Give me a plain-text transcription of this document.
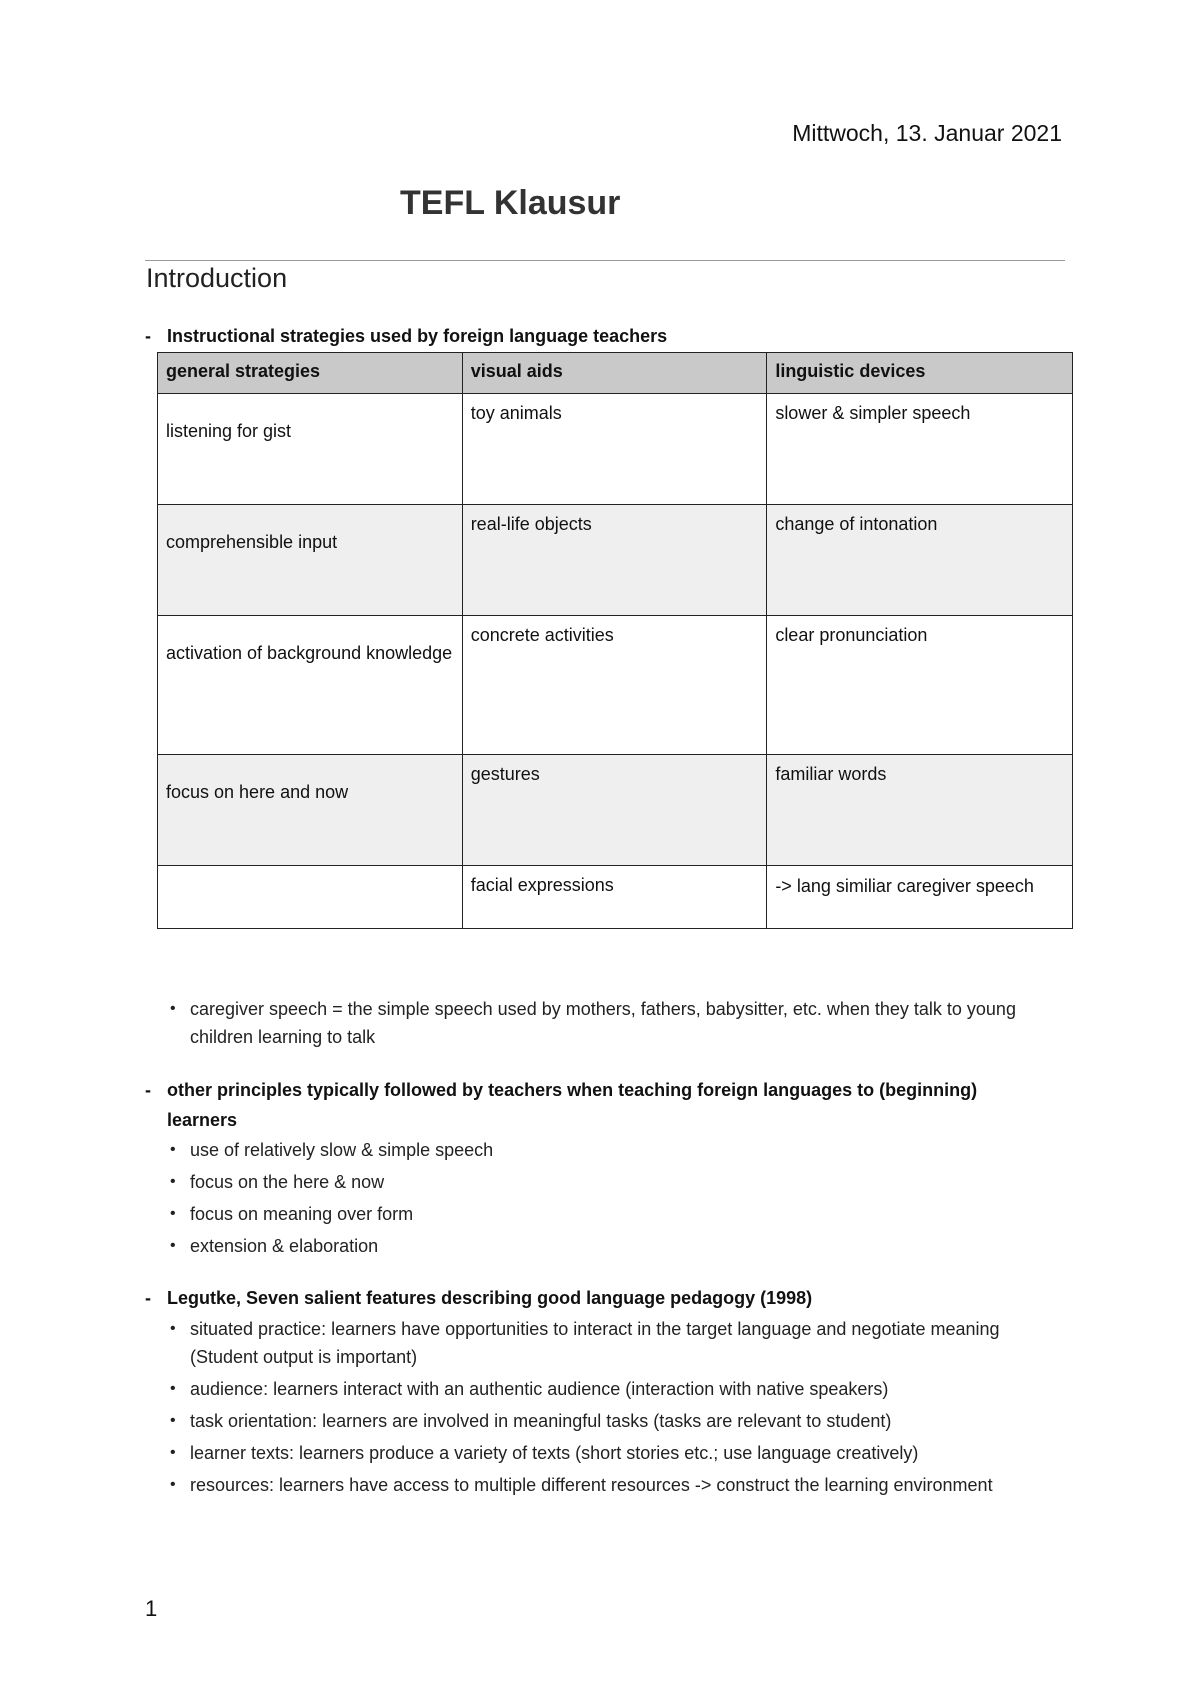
Mittwoch, 13. Januar 2021
TEFL Klausur
Introduction
- Instructional strategies used by foreign language teachers
general strategies	visual aids	linguistic devices
listening for gist	toy animals	slower & simpler speech
comprehensible input	real-life objects	change of intonation
activation of background knowledge	concrete activities	clear pronunciation
focus on here and now	gestures	familiar words
	facial expressions	-> lang similiar caregiver speech
• caregiver speech = the simple speech used by mothers, fathers, babysitter, etc. when they talk to young children learning to talk
- other principles typically followed by teachers when teaching foreign languages to (beginning) learners
• use of relatively slow & simple speech
• focus on the here & now
• focus on meaning over form
• extension & elaboration
- Legutke, Seven salient features describing good language pedagogy (1998)
• situated practice: learners have opportunities to interact in the target language and negotiate meaning (Student output is important)
• audience: learners interact with an authentic audience (interaction with native speakers)
• task orientation: learners are involved in meaningful tasks (tasks are relevant to student)
• learner texts: learners produce a variety of texts (short stories etc.; use language creatively)
• resources: learners have access to multiple different resources -> construct the learning environment
1
